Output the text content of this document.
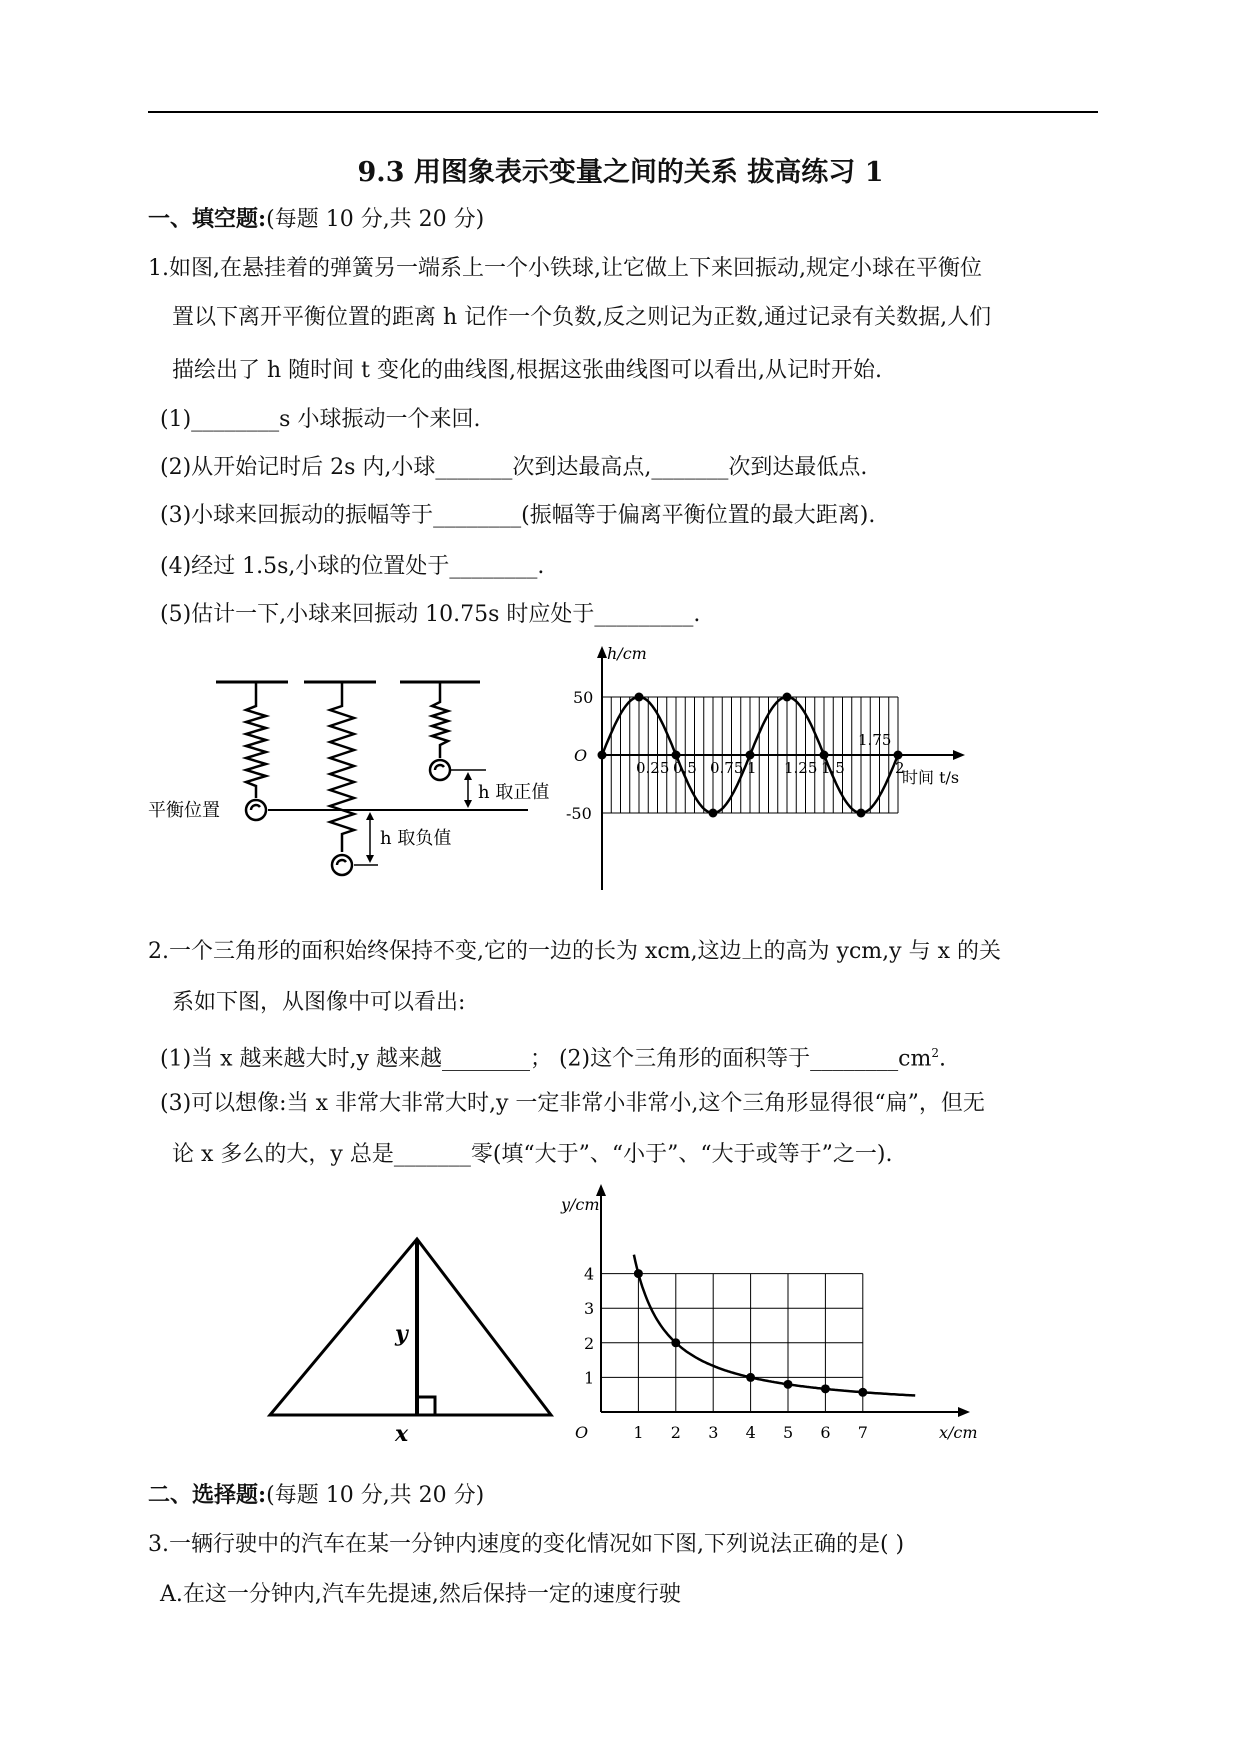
9.3 用图象表示变量之间的关系 拔高练习 1
一、填空题:(每题 10 分,共 20 分)
1.如图,在悬挂着的弹簧另一端系上一个小铁球,让它做上下来回振动,规定小球在平衡位
置以下离开平衡位置的距离 h 记作一个负数,反之则记为正数,通过记录有关数据,人们
描绘出了 h 随时间 t 变化的曲线图,根据这张曲线图可以看出,从记时开始.
(1)________s 小球振动一个来回.
(2)从开始记时后 2s 内,小球_______次到达最高点,_______次到达最低点.
(3)小球来回振动的振幅等于________(振幅等于偏离平衡位置的最大距离).
(4)经过 1.5s,小球的位置处于________.
(5)估计一下,小球来回振动 10.75s 时应处于_________.
平衡位置
h 取正值
h 取负值
h/cm
时间 t/s
O
50
-50
0.25 0.5 0.75 1 1.25 1.5
1.75
2
2.一个三角形的面积始终保持不变,它的一边的长为 xcm,这边上的高为 ycm,y 与 x 的关
系如下图，从图像中可以看出:
(1)当 x 越来越大时,y 越来越________； (2)这个三角形的面积等于$\_\_\_\_\_\_\_\_cm^2$.
(3)可以想像:当 x 非常大非常大时,y 一定非常小非常小,这个三角形显得很“扁”，但无
论 x 多么的大，y 总是_______零(填“大于”、“小于”、“大于或等于”之一).
y
x
y/cm
x/cm
O	1 2 3 4 5 6 7
1
2
3
4
二、选择题:(每题 10 分,共 20 分)
3.一辆行驶中的汽车在某一分钟内速度的变化情况如下图,下列说法正确的是( )
A.在这一分钟内,汽车先提速,然后保持一定的速度行驶
